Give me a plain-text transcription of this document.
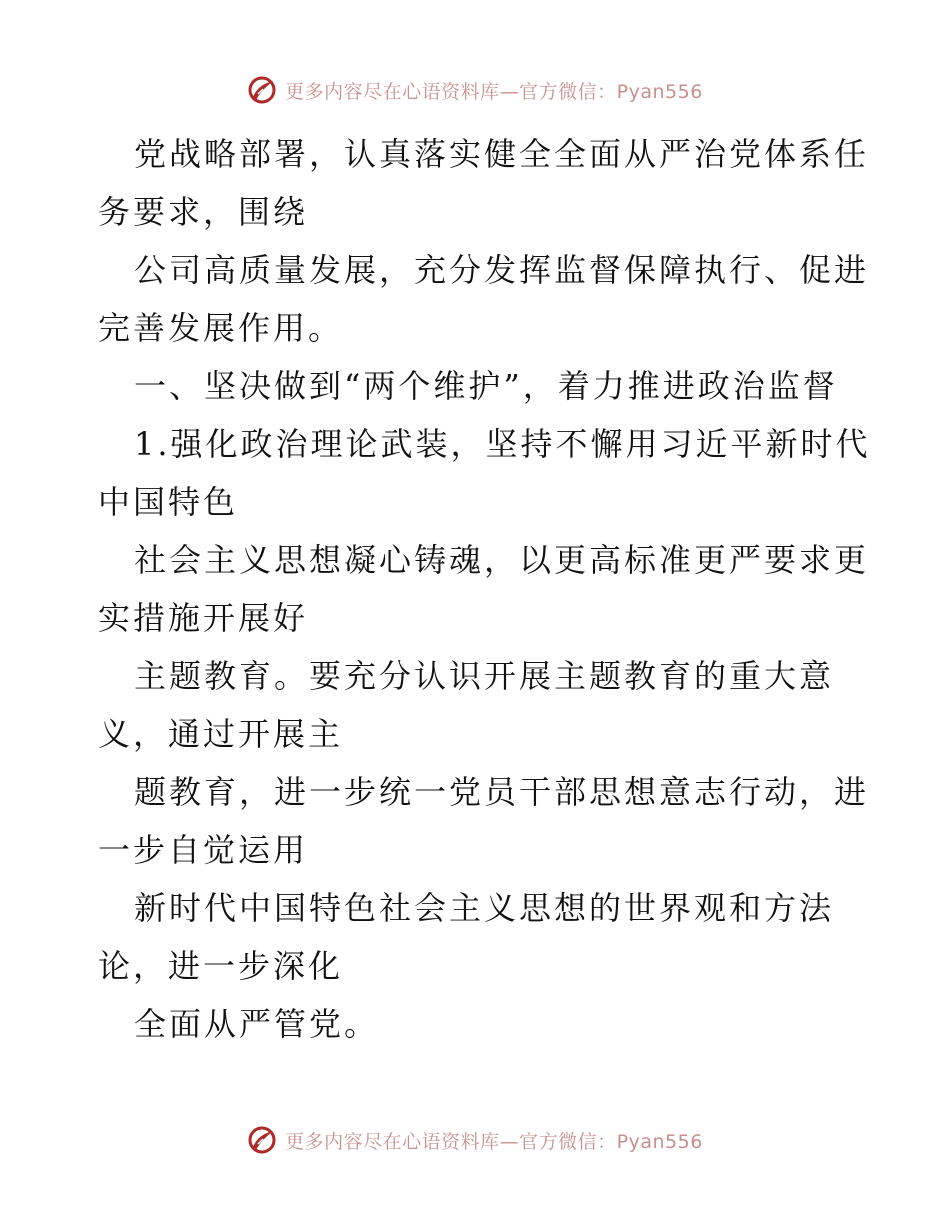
更多内容尽在心语资料库—官方微信：Pyan556
党战略部署，认真落实健全全面从严治党体系任
务要求，围绕
公司高质量发展，充分发挥监督保障执行、促进
完善发展作用。
一、坚决做到“两个维护”，着力推进政治监督
1.强化政治理论武装，坚持不懈用习近平新时代
中国特色
社会主义思想凝心铸魂，以更高标准更严要求更
实措施开展好
主题教育。要充分认识开展主题教育的重大意
义，通过开展主
题教育，进一步统一党员干部思想意志行动，进
一步自觉运用
新时代中国特色社会主义思想的世界观和方法
论，进一步深化
全面从严管党。
更多内容尽在心语资料库—官方微信：Pyan556
